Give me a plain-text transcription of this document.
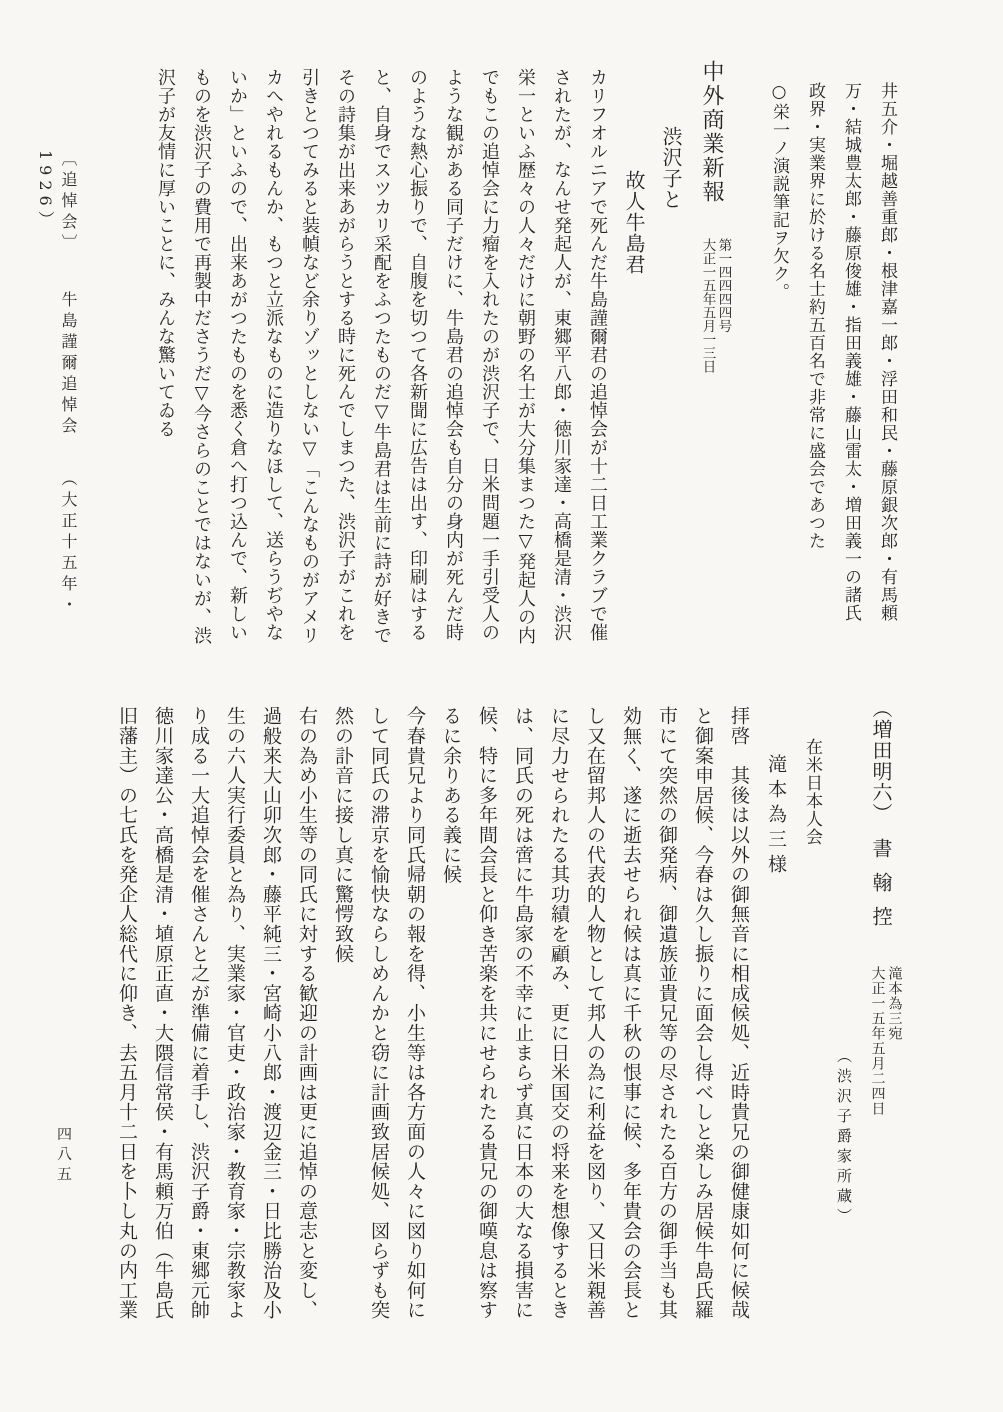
〔追悼会〕 牛島謹爾追悼会 （大正十五年・1926）
四八五

井五介・堀越善重郎・根津嘉一郎・浮田和民・藤原銀次郎・有馬頼

万・結城豊太郎・藤原俊雄・指田義雄・藤山雷太・増田義一の諸氏

政界・実業界に於ける名士約五百名で非常に盛会であつた

○栄一ノ演説筆記ヲ欠ク。

中外商業新報
第一四四四四号
大正一五年五月一三日

渋沢子と

故人牛島君

カリフオルニアで死んだ牛島謹爾君の追悼会が十二日工業クラブで催

されたが、なんせ発起人が、東郷平八郎・徳川家達・高橋是清・渋沢

栄一といふ歴々の人々だけに朝野の名士が大分集まつた▽発起人の内

でもこの追悼会に力瘤を入れたのが渋沢子で、日米問題一手引受人の

ような観がある同子だけに、牛島君の追悼会も自分の身内が死んだ時

のような熱心振りで、自腹を切つて各新聞に広告は出す、印刷はする

と、自身でスツカリ采配をふつたものだ▽牛島君は生前に詩が好きで

その詩集が出来あがらうとする時に死んでしまつた、渋沢子がこれを

引きとつてみると装幀など余りゾッとしない▽「こんなものがアメリ

カへやれるもんか、もつと立派なものに造りなほして、送らうぢやな

いか」といふので、出来あがつたものを悉く倉へ打つ込んで、新しい

ものを渋沢子の費用で再製中ださうだ▽今さらのことではないが、渋

沢子が友情に厚いことに、みんな驚いてゐる

（増田明六）書翰控
滝本為三宛
大正一五年五月二四日

（渋沢子爵家所蔵）

在米日本人会

滝本為三様

拝啓　其後は以外の御無音に相成候処、近時貴兄の御健康如何に候哉

と御案申居候、今春は久し振りに面会し得べしと楽しみ居候牛島氏羅

市にて突然の御発病、御遺族並貴兄等の尽されたる百方の御手当も其

効無く、遂に逝去せられ候は真に千秋の恨事に候、多年貴会の会長と

し又在留邦人の代表的人物として邦人の為に利益を図り、又日米親善

に尽力せられたる其功績を顧み、更に日米国交の将来を想像するとき

は、同氏の死は啻に牛島家の不幸に止まらず真に日本の大なる損害に

候、特に多年間会長と仰き苦楽を共にせられたる貴兄の御嘆息は察す

るに余りある義に候

今春貴兄より同氏帰朝の報を得、小生等は各方面の人々に図り如何に

して同氏の滞京を愉快ならしめんかと窃に計画致居候処、図らずも突

然の訃音に接し真に驚愕致候

右の為め小生等の同氏に対する歓迎の計画は更に追悼の意志と変し、

過般来大山卯次郎・藤平純三・宮崎小八郎・渡辺金三・日比勝治及小

生の六人実行委員と為り、実業家・官吏・政治家・教育家・宗教家よ

り成る一大追悼会を催さんと之が準備に着手し、渋沢子爵・東郷元帥

徳川家達公・高橋是清・埴原正直・大隈信常侯・有馬頼万伯（牛島氏

旧藩主）の七氏を発企人総代に仰き、去五月十二日を卜し丸の内工業
